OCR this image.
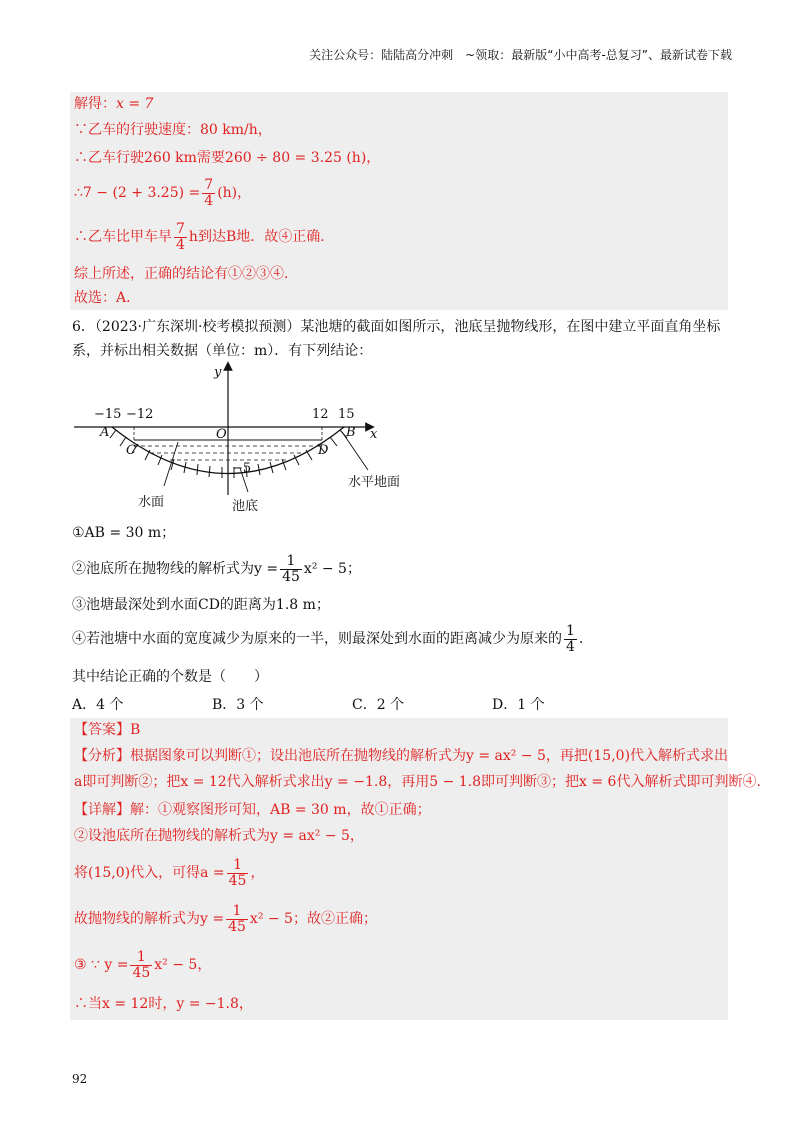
关注公众号：陆陆高分冲刺　~领取：最新版“小中高考-总复习”、最新试卷下载
解得：x = 7
∵乙车的行驶速度：80 km/h，
∴乙车行驶260 km需要260 ÷ 80 = 3.25 (h)，
∴7 − $(2 + 3.25) = \frac{7}{4} (h)$，
∴乙车比甲车早 $\frac{7}{4}$ h到达B地．故④正确．
综上所述，正确的结论有①②③④．
故选：A．
6．（2023·广东深圳·校考模拟预测）某池塘的截面如图所示，池底呈抛物线形，在图中建立平面直角坐标
系，并标出相关数据（单位：m）．有下列结论：
y
x
O
−15 −12	12 15
−5
A	B
C	D
水面	池底
水平地面
①AB = 30 m；
②池底所在抛物线的解析式为$y = \frac{1}{45} x^2 - 5$；
③池塘最深处到水面CD的距离为1.8 m；
④若池塘中水面的宽度减少为原来的一半，则最深处到水面的距离减少为原来的 $\frac{1}{4}$ .
其中结论正确的个数是（　　）
A．4 个	B．3 个	C．2 个	D．1 个
【答案】B
【分析】根据图象可以判断①；设出池底所在抛物线的解析式为y = ax² − 5，再把(15,0)代入解析式求出
a即可判断②；把x = 12代入解析式求出y = −1.8，再用5 − 1.8即可判断③；把x = 6代入解析式即可判断④.
【详解】解：①观察图形可知，AB = 30 m，故①正确；
②设池底所在抛物线的解析式为y = ax² − 5，
将(15,0)代入，可得$a = \frac{1}{45}$ ，
故抛物线的解析式为$y = \frac{1}{45} x^2 - 5$；故②正确；
③ ∵ $y = \frac{1}{45} x^2 - 5$，
∴当x = 12时，y = −1.8，
92
